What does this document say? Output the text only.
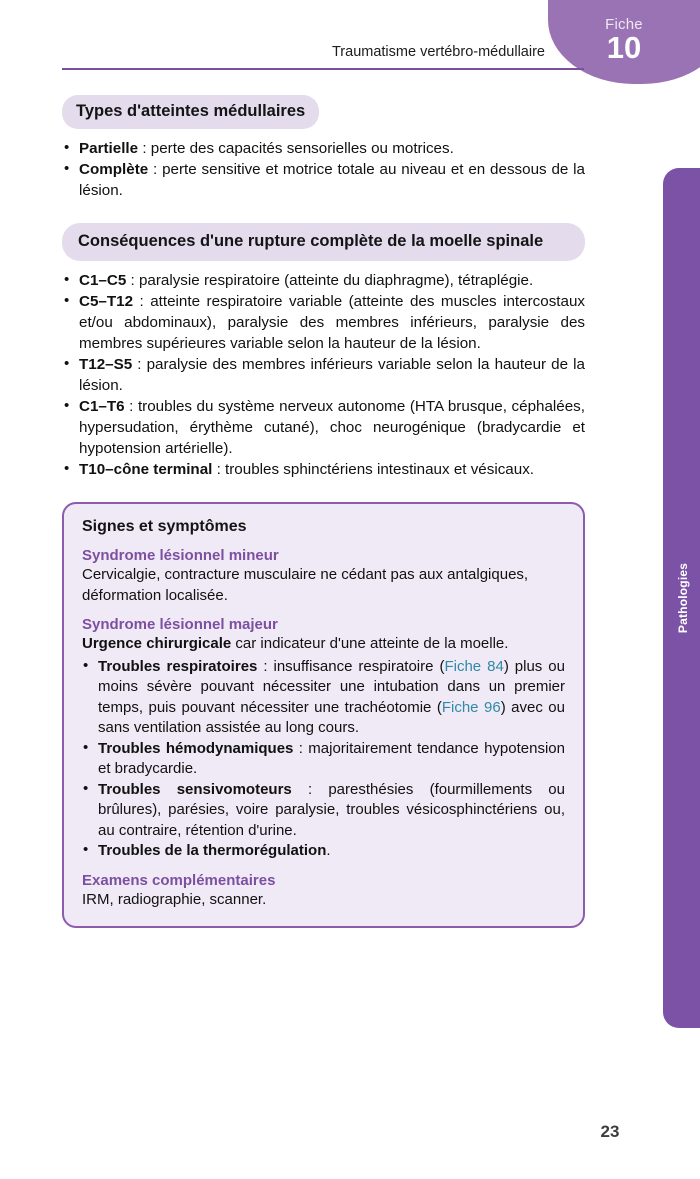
Fiche
10
Traumatisme vertébro-médullaire
Pathologies
Types d'atteintes médullaires
• Partielle : perte des capacités sensorielles ou motrices.
• Complète : perte sensitive et motrice totale au niveau et en dessous de la lésion.
Conséquences d'une rupture complète de la moelle spinale
• C1–C5 : paralysie respiratoire (atteinte du diaphragme), tétraplégie.
• C5–T12 : atteinte respiratoire variable (atteinte des muscles intercostaux et/ou abdominaux), paralysie des membres inférieurs, paralysie des membres supérieures variable selon la hauteur de la lésion.
• T12–S5 : paralysie des membres inférieurs variable selon la hauteur de la lésion.
• C1–T6 : troubles du système nerveux autonome (HTA brusque, céphalées, hypersudation, érythème cutané), choc neurogénique (bradycardie et hypotension artérielle).
• T10–cône terminal : troubles sphinctériens intestinaux et vésicaux.
Signes et symptômes
Syndrome lésionnel mineur

Cervicalgie, contracture musculaire ne cédant pas aux antalgiques, déformation localisée.

Syndrome lésionnel majeur

Urgence chirurgicale car indicateur d'une atteinte de la moelle.

• Troubles respiratoires : insuffisance respiratoire (Fiche 84) plus ou moins sévère pouvant nécessiter une intubation dans un premier temps, puis pouvant nécessiter une trachéotomie (Fiche 96) avec ou sans ventilation assistée au long cours.
• Troubles hémodynamiques : majoritairement tendance hypotension et bradycardie.
• Troubles sensivomoteurs : paresthésies (fourmillements ou brûlures), parésies, voire paralysie, troubles vésicosphinctériens ou, au contraire, rétention d'urine.
• Troubles de la thermorégulation.
Examens complémentaires

IRM, radiographie, scanner.

23
